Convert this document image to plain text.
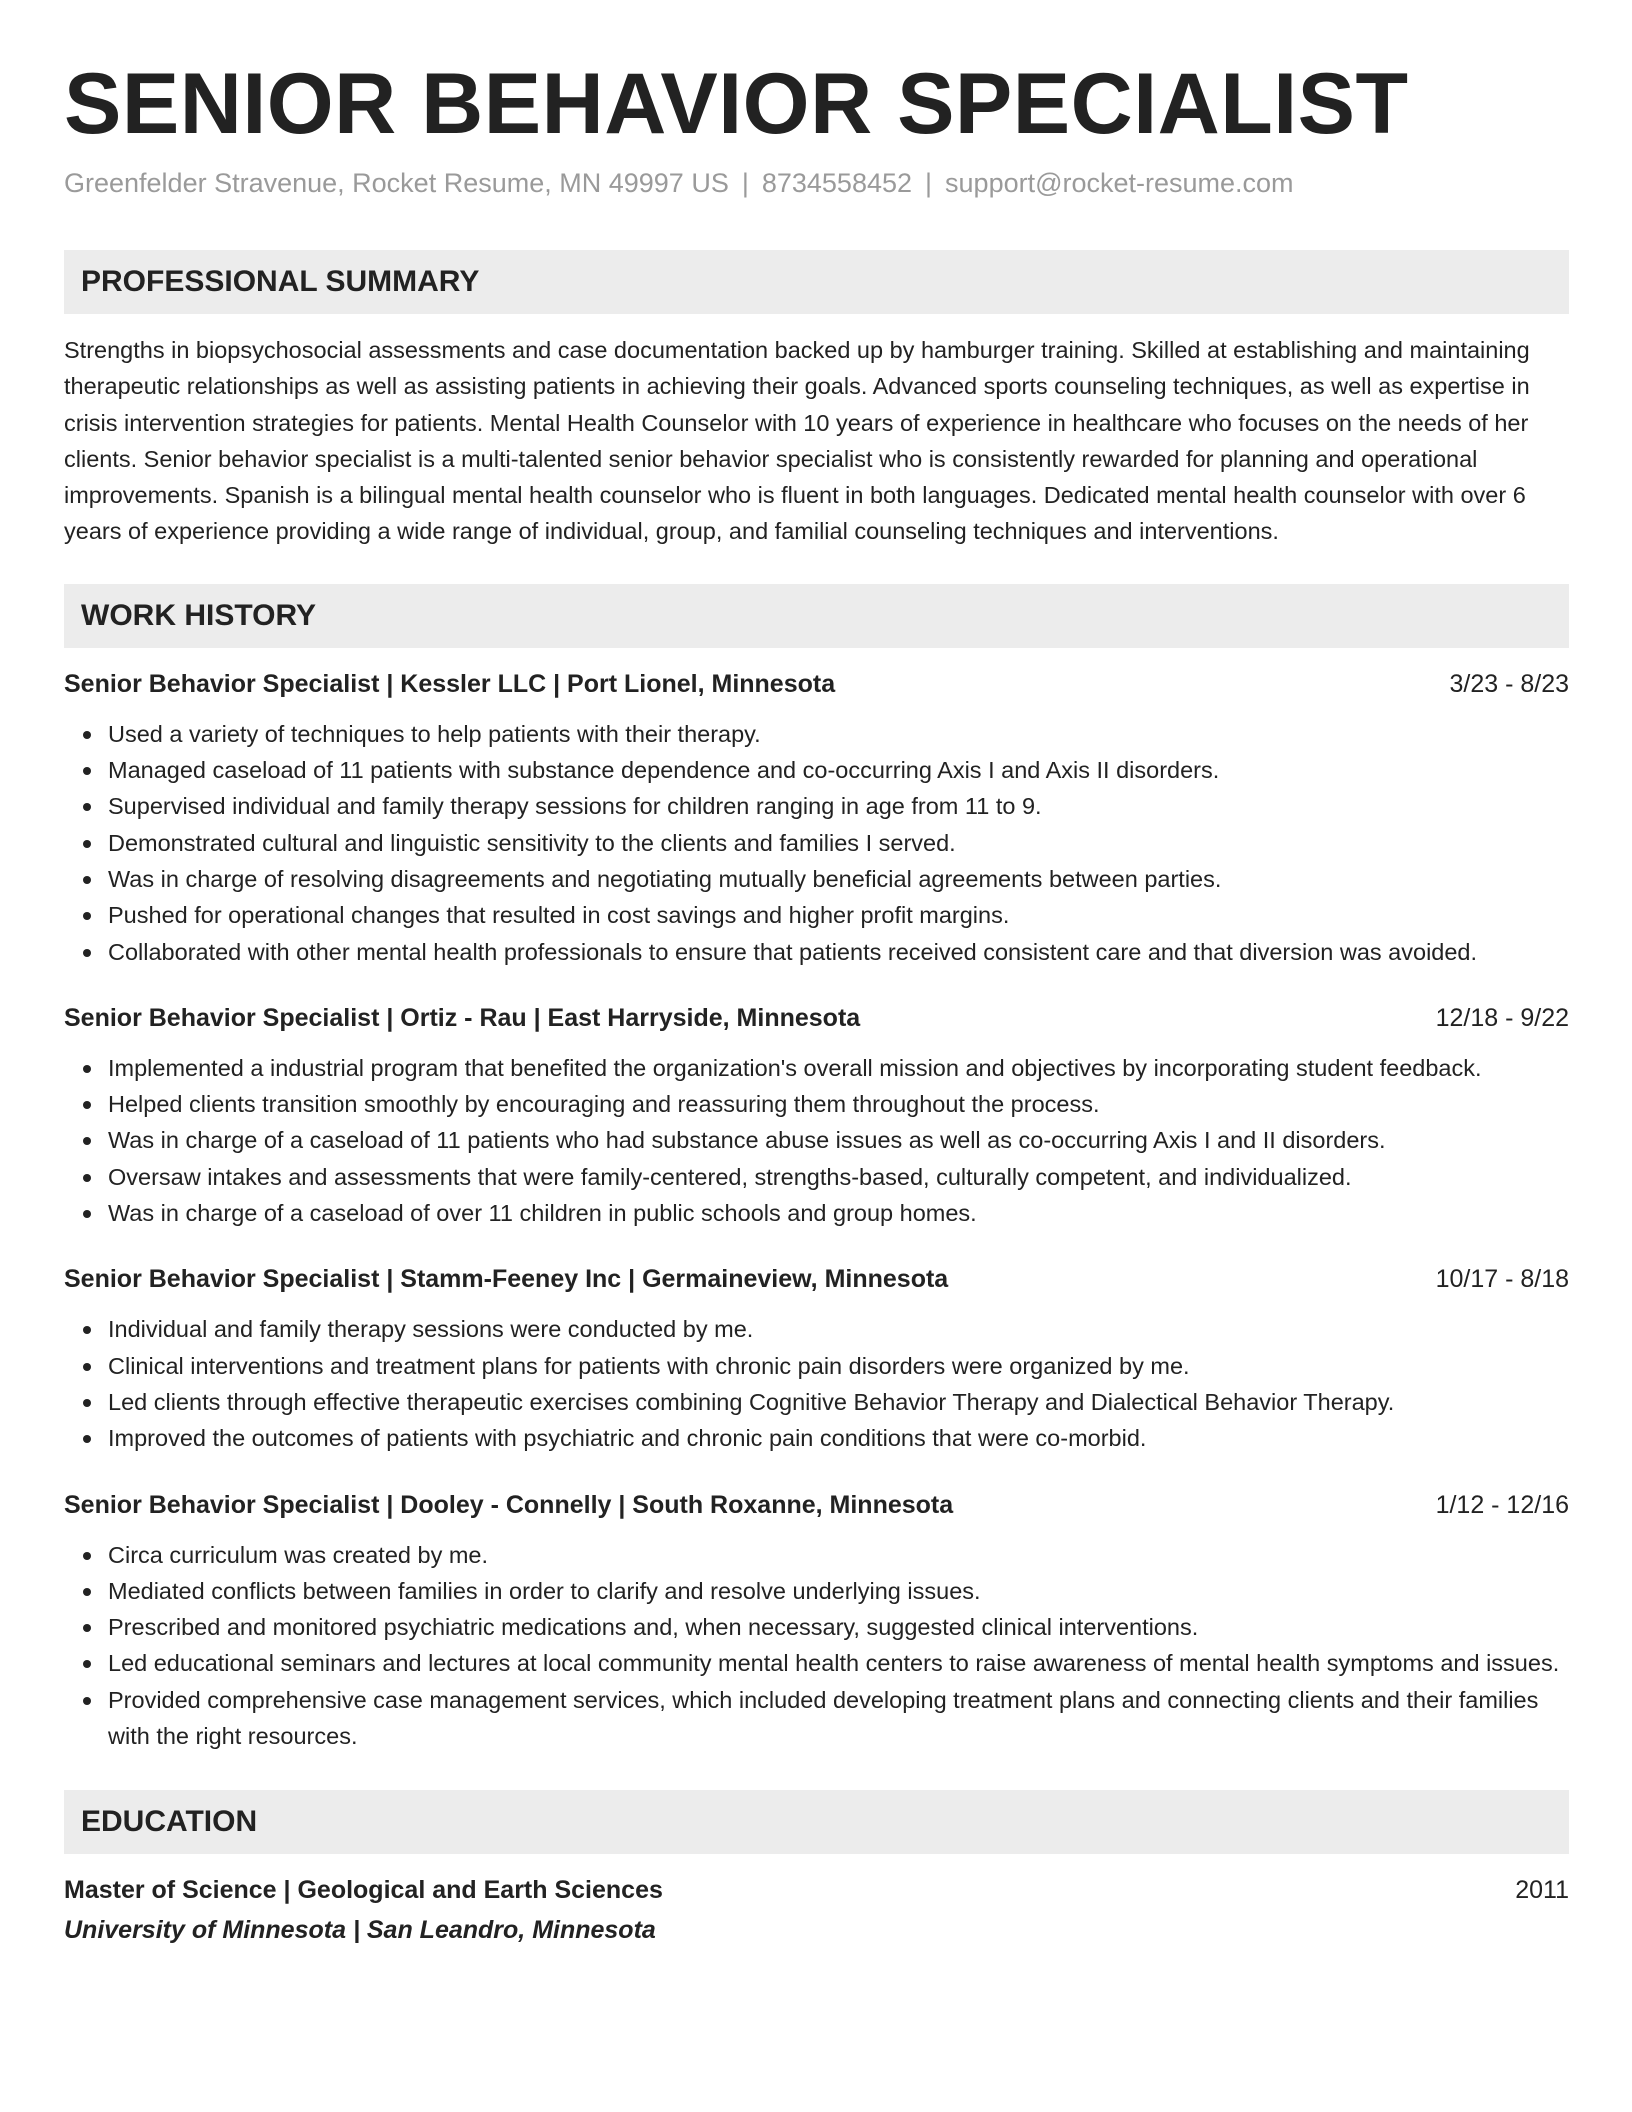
SENIOR BEHAVIOR SPECIALIST
Greenfelder Stravenue, Rocket Resume, MN 49997 US | 8734558452 | support@rocket-resume.com
PROFESSIONAL SUMMARY

Strengths in biopsychosocial assessments and case documentation backed up by hamburger training. Skilled at establishing and maintaining therapeutic relationships as well as assisting patients in achieving their goals. Advanced sports counseling techniques, as well as expertise in crisis intervention strategies for patients. Mental Health Counselor with 10 years of experience in healthcare who focuses on the needs of her clients. Senior behavior specialist is a multi-talented senior behavior specialist who is consistently rewarded for planning and operational improvements. Spanish is a bilingual mental health counselor who is fluent in both languages. Dedicated mental health counselor with over 6 years of experience providing a wide range of individual, group, and familial counseling techniques and interventions.

WORK HISTORY
Senior Behavior Specialist | Kessler LLC | Port Lionel, Minnesota	3/23 - 8/23
Used a variety of techniques to help patients with their therapy.
Managed caseload of 11 patients with substance dependence and co-occurring Axis I and Axis II disorders.
Supervised individual and family therapy sessions for children ranging in age from 11 to 9.
Demonstrated cultural and linguistic sensitivity to the clients and families I served.
Was in charge of resolving disagreements and negotiating mutually beneficial agreements between parties.
Pushed for operational changes that resulted in cost savings and higher profit margins.
Collaborated with other mental health professionals to ensure that patients received consistent care and that diversion was avoided.
Senior Behavior Specialist | Ortiz - Rau | East Harryside, Minnesota	12/18 - 9/22
Implemented a industrial program that benefited the organization's overall mission and objectives by incorporating student feedback.
Helped clients transition smoothly by encouraging and reassuring them throughout the process.
Was in charge of a caseload of 11 patients who had substance abuse issues as well as co-occurring Axis I and II disorders.
Oversaw intakes and assessments that were family-centered, strengths-based, culturally competent, and individualized.
Was in charge of a caseload of over 11 children in public schools and group homes.
Senior Behavior Specialist | Stamm-Feeney Inc | Germaineview, Minnesota	10/17 - 8/18
Individual and family therapy sessions were conducted by me.
Clinical interventions and treatment plans for patients with chronic pain disorders were organized by me.
Led clients through effective therapeutic exercises combining Cognitive Behavior Therapy and Dialectical Behavior Therapy.
Improved the outcomes of patients with psychiatric and chronic pain conditions that were co-morbid.
Senior Behavior Specialist | Dooley - Connelly | South Roxanne, Minnesota	1/12 - 12/16
Circa curriculum was created by me.
Mediated conflicts between families in order to clarify and resolve underlying issues.
Prescribed and monitored psychiatric medications and, when necessary, suggested clinical interventions.
Led educational seminars and lectures at local community mental health centers to raise awareness of mental health symptoms and issues.
Provided comprehensive case management services, which included developing treatment plans and connecting clients and their families with the right resources.
EDUCATION
Master of Science | Geological and Earth Sciences	2011
University of Minnesota | San Leandro, Minnesota
